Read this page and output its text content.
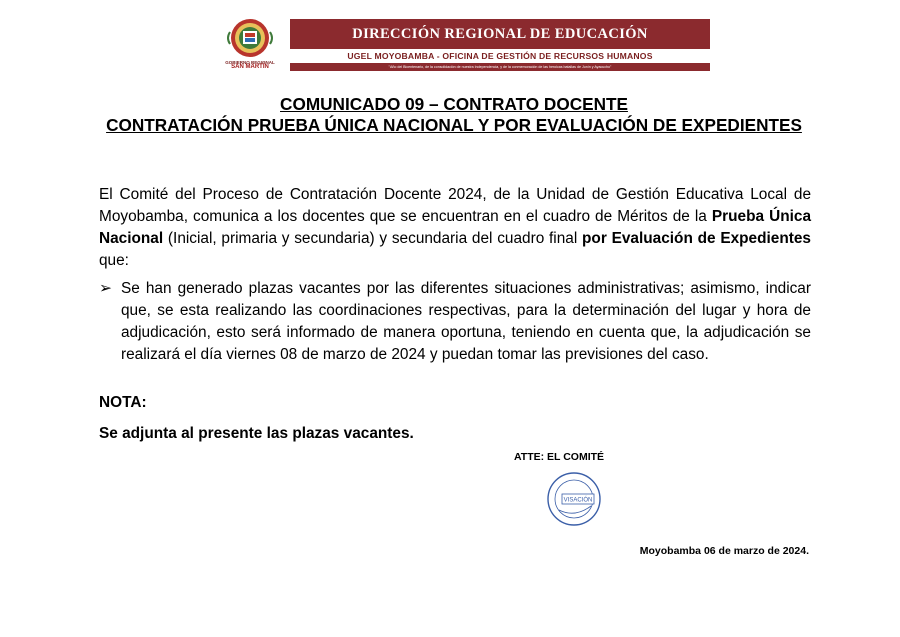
GOBIERNO REGIONAL
SAN MARTÍN
DIRECCIÓN REGIONAL DE EDUCACIÓN
UGEL MOYOBAMBA - OFICINA DE GESTIÓN DE RECURSOS HUMANOS
"Año del Bicentenario, de la consolidación de nuestra Independencia, y de la conmemoración de las heroicas batallas de Junín y Ayacucho"
COMUNICADO 09 – CONTRATO DOCENTE
CONTRATACIÓN PRUEBA ÚNICA NACIONAL Y POR EVALUACIÓN DE EXPEDIENTES
El Comité del Proceso de Contratación Docente 2024, de la Unidad de Gestión Educativa Local de Moyobamba, comunica a los docentes que se encuentran en el cuadro de Méritos de la Prueba Única Nacional (Inicial, primaria y secundaria) y secundaria del cuadro final por Evaluación de Expedientes que:
➢ Se han generado plazas vacantes por las diferentes situaciones administrativas; asimismo, indicar que, se esta realizando las coordinaciones respectivas, para la determinación del lugar y hora de adjudicación, esto será informado de manera oportuna, teniendo en cuenta que, la adjudicación se realizará el día viernes 08 de marzo de 2024 y puedan tomar las previsiones del caso.
NOTA:
Se adjunta al presente las plazas vacantes.
ATTE: EL COMITÉ
VISACIÓN
Moyobamba 06 de marzo de 2024.
